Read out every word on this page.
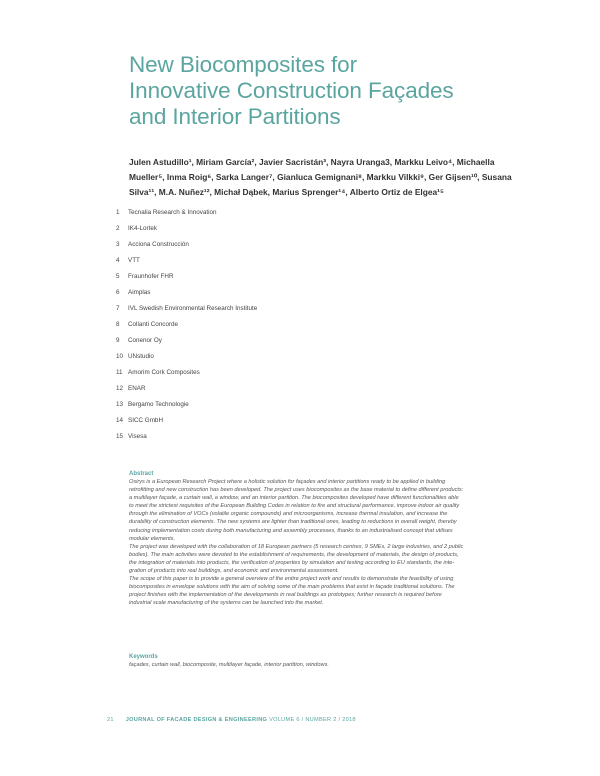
New Biocomposites for
Innovative Construction Façades
and Interior Partitions
Julen Astudillo¹, Miriam García², Javier Sacristán³, Nayra Uranga3, Markku Leivo⁴, Michaella
Mueller⁵, Inma Roig⁶, Sarka Langer⁷, Gianluca Gemignani⁸, Markku Vilkki⁹, Ger Gijsen¹⁰, Susana
Silva¹¹, M.A. Nuñez¹², Michał Dąbek, Marius Sprenger¹⁴, Alberto Ortiz de Elgea¹⁵
1	Tecnalia Research & Innovation
2	IK4-Lortek
3	Acciona Construcción
4	VTT
5	Fraunhofer FHR
6	Aimplas
7	IVL Swedish Environmental Research Institute
8	Collanti Concorde
9	Conenor Oy
10 UNstudio
11 Amorim Cork Composites
12 ENAR
13 Bergamo Technologie
14 SICC GmbH
15 Visesa
Abstract
Osirys is a European Research Project where a holistic solution for façades and interior partitions ready to be applied in building
retrofitting and new construction has been developed. The project uses biocomposites as the base material to define different products:
a multilayer façade, a curtain wall, a window, and an interior partition. The biocomposites developed have different functionalities able
to meet the strictest requisites of the European Building Codes in relation to fire and structural performance, improve indoor air quality
through the elimination of VOCs (volatile organic compounds) and microorganisms, increase thermal insulation, and increase the
durability of construction elements. The new systems are lighter than traditional ones, leading to reductions in overall weight, thereby
reducing implementation costs during both manufacturing and assembly processes, thanks to an industrialised concept that utilises
modular elements.
The project was developed with the collaboration of 18 European partners (5 research centres, 9 SMEs, 2 large industries, and 2 public
bodies). The main activities were devoted to the establishment of requirements, the development of materials, the design of products,
the integration of materials into products, the verification of properties by simulation and testing according to EU standards, the inte-
gration of products into real buildings, and economic and environmental assessment.
The scope of this paper is to provide a general overview of the entire project work and results to demonstrate the feasibility of using
biocomposites in envelope solutions with the aim of solving some of the main problems that exist in façade traditional solutions. The
project finishes with the implementation of the developments in real buildings as prototypes; further research is required before
industrial scale manufacturing of the systems can be launched into the market.
Keywords
façades, curtain wall, biocomposite, multilayer façade, interior partition, windows.
21 JOURNAL OF FACADE DESIGN & ENGINEERING VOLUME 6 / NUMBER 2 / 2018
